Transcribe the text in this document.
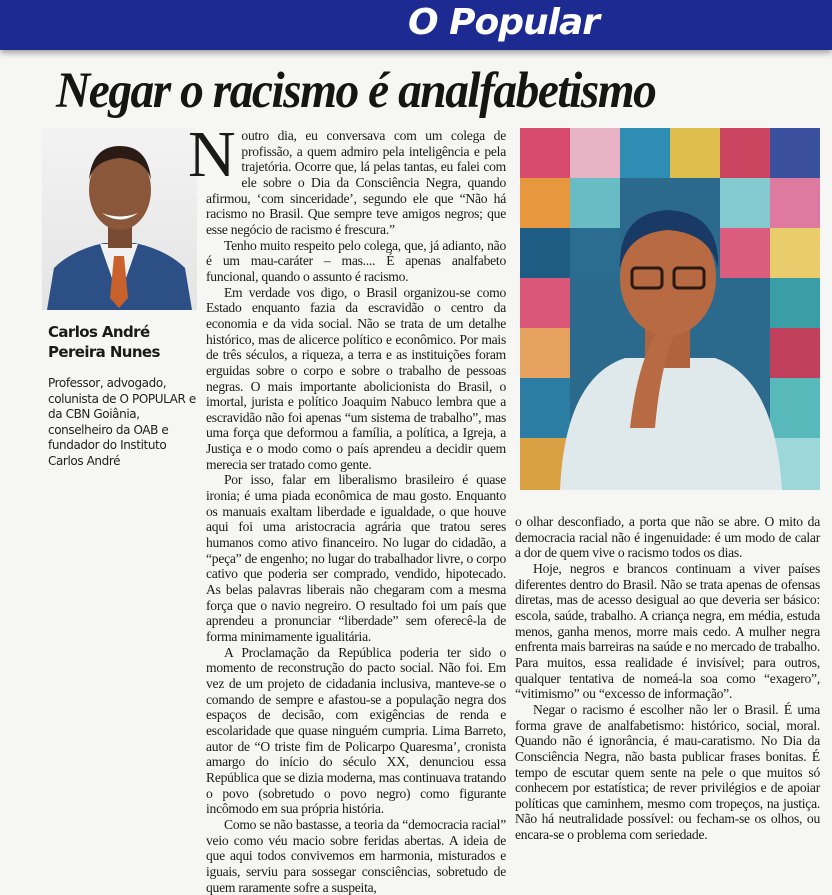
O Popular
Negar o racismo é analfabetismo
Carlos André
Pereira Nunes
Professor, advogado, colunista de O POPULAR e da CBN Goiânia, conselheiro da OAB e fundador do Instituto Carlos André

Noutro dia, eu conversava com um colega de profissão, a quem admiro pela inteligência e pela trajetória. Ocorre que, lá pelas tantas, eu falei com ele sobre o Dia da Consciência Negra, quando afirmou, ‘com sinceridade’, segundo ele que “Não há racismo no Brasil. Que sempre teve amigos negros; que esse negócio de racismo é frescura.”

Tenho muito respeito pelo colega, que, já adianto, não é um mau-caráter – mas.... É apenas analfabeto funcional, quando o assunto é racismo.

Em verdade vos digo, o Brasil organizou-se como Estado enquanto fazia da escravidão o centro da economia e da vida social. Não se trata de um detalhe histórico, mas de alicerce político e econômico. Por mais de três séculos, a riqueza, a terra e as instituições foram erguidas sobre o corpo e sobre o trabalho de pessoas negras. O mais importante abolicionista do Brasil, o imortal, jurista e político Joaquim Nabuco lembra que a escravidão não foi apenas “um sistema de trabalho”, mas uma força que deformou a família, a política, a Igreja, a Justiça e o modo como o país aprendeu a decidir quem merecia ser tratado como gente.

Por isso, falar em liberalismo brasileiro é quase ironia; é uma piada econômica de mau gosto. Enquanto os manuais exaltam liberdade e igualdade, o que houve aqui foi uma aristocracia agrária que tratou seres humanos como ativo financeiro. No lugar do cidadão, a “peça” de engenho; no lugar do trabalhador livre, o corpo cativo que poderia ser comprado, vendido, hipotecado. As belas palavras liberais não chegaram com a mesma força que o navio negreiro. O resultado foi um país que aprendeu a pronunciar “liberdade” sem oferecê-la de forma minimamente igualitária.

A Proclamação da República poderia ter sido o momento de reconstrução do pacto social. Não foi. Em vez de um projeto de cidadania inclusiva, manteve-se o comando de sempre e afastou-se a população negra dos espaços de decisão, com exigências de renda e escolaridade que quase ninguém cumpria. Lima Barreto, autor de “O triste fim de Policarpo Quaresma’, cronista amargo do início do século XX, denunciou essa República que se dizia moderna, mas continuava tratando o povo (sobretudo o povo negro) como figurante incômodo em sua própria história.

Como se não bastasse, a teoria da “democracia racial” veio como véu macio sobre feridas abertas. A ideia de que aqui todos convivemos em harmonia, misturados e iguais, serviu para sossegar consciências, sobretudo de quem raramente sofre a suspeita,

o olhar desconfiado, a porta que não se abre. O mito da democracia racial não é ingenuidade: é um modo de calar a dor de quem vive o racismo todos os dias.

Hoje, negros e brancos continuam a viver países diferentes dentro do Brasil. Não se trata apenas de ofensas diretas, mas de acesso desigual ao que deveria ser básico: escola, saúde, trabalho. A criança negra, em média, estuda menos, ganha menos, morre mais cedo. A mulher negra enfrenta mais barreiras na saúde e no mercado de trabalho. Para muitos, essa realidade é invisível; para outros, qualquer tentativa de nomeá-la soa como “exagero”, “vitimismo” ou “excesso de informação”.

Negar o racismo é escolher não ler o Brasil. É uma forma grave de analfabetismo: histórico, social, moral. Quando não é ignorância, é mau-caratismo. No Dia da Consciência Negra, não basta publicar frases bonitas. É tempo de escutar quem sente na pele o que muitos só conhecem por estatística; de rever privilégios e de apoiar políticas que caminhem, mesmo com tropeços, na justiça. Não há neutralidade possível: ou fecham-se os olhos, ou encara-se o problema com seriedade.
